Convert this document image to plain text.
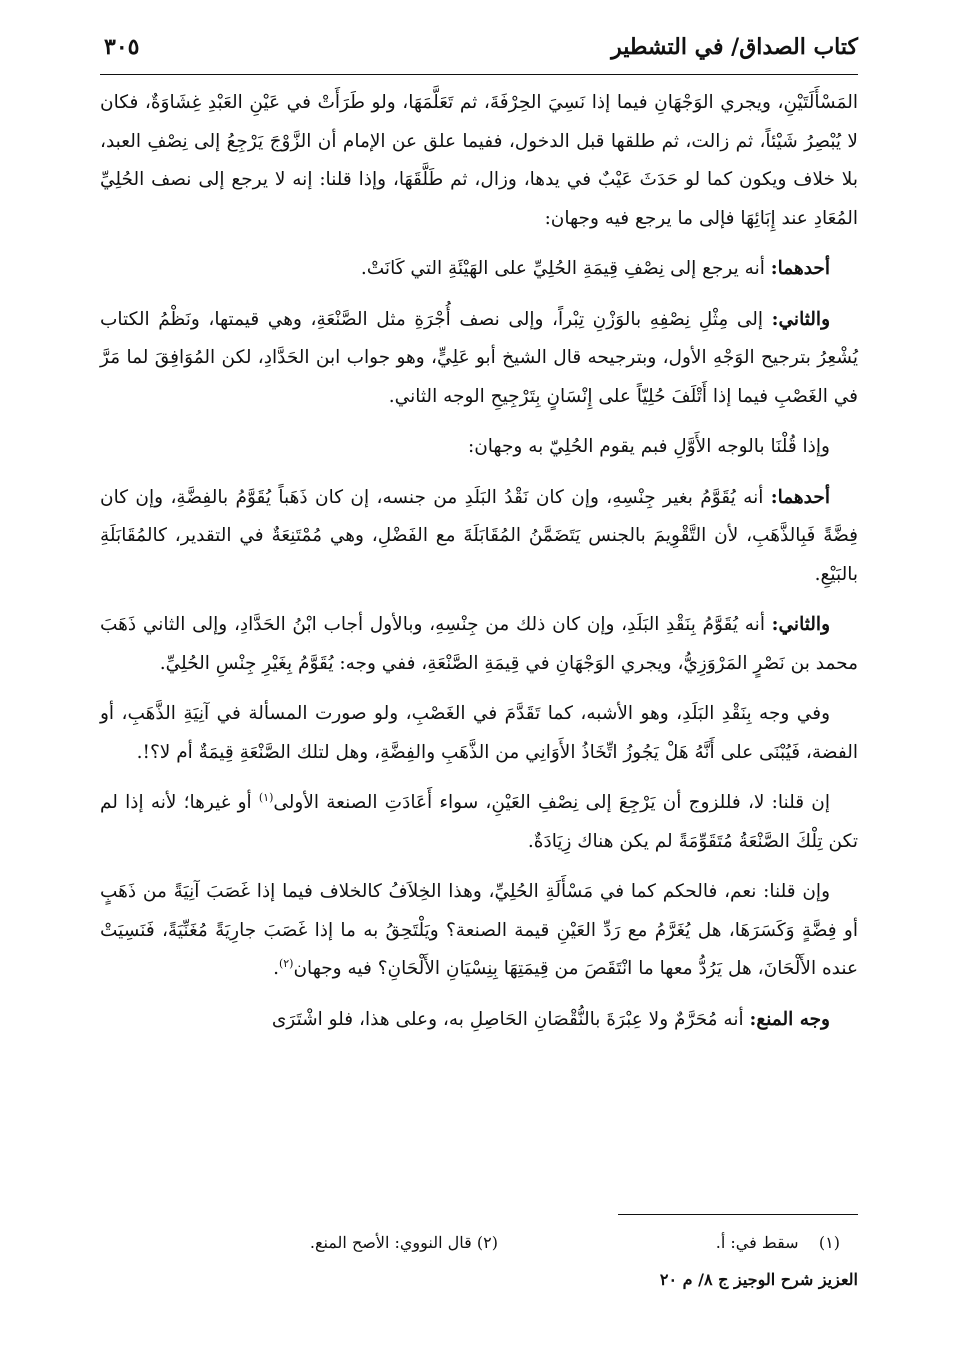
كتاب الصداق/ في التشطير
٣٠٥

المَسْأَلَتَيْنِ، ويجري الوَجْهَانِ فيما إذا نَسِيَ الحِرْفَةَ، ثم تَعَلَّمَهَا، ولو طَرَأَتْ في عَيْنِ العَبْدِ غِشَاوَةٌ، فكان لا يُبْصِرُ شَيْئاً، ثم زالت، ثم طلقها قبل الدخول، ففيما علق عن الإمام أن الزَّوْجَ يَرْجِعُ إلى نِصْفِ العبد، بلا خلاف ويكون كما لو حَدَثَ عَيْبٌ في يدها، وزال، ثم طَلَّقَهَا، وإذا قلنا: إنه لا يرجع إلى نصف الحُلِيِّ المُعَادِ عند إِبَائِهَا فإلى ما يرجع فيه وجهان:

أحدهما: أنه يرجع إلى نِصْفِ قِيمَةِ الحُلِيِّ على الهَيْئَةِ التي كَانَتْ.

والثاني: إلى مِثْلِ نِصْفِهِ بالوَزْنِ تِبْراً، وإلى نصف أُجْرَةِ مثل الصَّنْعَةِ، وهي قيمتها، ونَظْمُ الكتاب يُشْعِرُ بترجيح الوَجْهِ الأول، وبترجيحه قال الشيخ أبو عَلِيٍّ، وهو جواب ابن الحَدَّادِ، لكن المُوَافِقَ لما مَرَّ في الغَصْبِ فيما إذا أَتْلَفَ حُلِيّاً على إِنْسَانٍ بِتَرْجِيحِ الوجه الثاني.

وإذا قُلْنَا بالوجه الأَوَّلِ فبم يقوم الحُلِيّ به وجهان:

أحدهما: أنه يُقَوَّمُ بغير جِنْسِهِ، وإن كان نَقْدُ البَلَدِ من جنسه، إن كان ذَهَباً يُقَوَّمُ بالفِضَّةِ، وإن كان فِضَّةً فَبِالذَّهَبِ، لأن التَّقْوِيمَ بالجنس يَتَضَمَّنُ المُقَابَلَةَ مع الفَضْلِ، وهي مُمْتَنِعَةٌ في التقدير، كالمُقَابَلَةِ بالبَيْعِ.

والثاني: أنه يُقَوَّمُ بِنَقْدِ البَلَدِ، وإن كان ذلك من جِنْسِهِ، وبالأول أجاب ابْنُ الحَدَّادِ، وإلى الثاني ذَهَبَ محمد بن نَصْرٍ المَرْوَزِيُّ، ويجري الوَجْهَانِ في قِيمَةِ الصَّنْعَةِ، ففي وجه: يُقَوَّمُ بِغَيْرِ جِنْسِ الحُلِيِّ.

وفي وجه بِنَقْدِ البَلَدِ، وهو الأشبه، كما تَقَدَّمَ في الغَصْبِ، ولو صورت المسألة في آنِيَةِ الذَّهَبِ، أو الفضة، فَيُبْنَى على أَنَّهُ هَلْ يَجُوزُ اتِّخَاذُ الأَوَانِي من الذَّهَبِ والفِضَّةِ، وهل لتلك الصَّنْعَةِ قِيمَةٌ أم لا؟!.

إن قلنا: لا، فللزوج أن يَرْجِعَ إلى نِصْفِ العَيْنِ، سواء أَعَادَتِ الصنعة الأولى$^{(١)}$ أو غيرها؛ لأنه إذا لم تكن تِلْكَ الصَّنْعَةُ مُتَقَوِّمَةً لم يكن هناك زِيَادَةٌ.

وإن قلنا: نعم، فالحكم كما في مَسْأَلَةِ الحُلِيِّ، وهذا الخِلاَفُ كالخلاف فيما إذا غَصَبَ آنِيَةً من ذَهَبٍ أو فِضَّةٍ وَكَسَرَهَا، هل يُغَرَّمُ مع رَدِّ العَيْنِ قيمة الصنعة؟ ويَلْتَحِقُ به ما إذا غَصَبَ جارِيَةً مُغَنِّيَةً، فَنَسِيَتْ عنده الأَلْحَانَ، هل يَرُدُّ معها ما انْتَقَصَ من قِيمَتِهَا بِنِسْيَانِ الأَلْحَانِ؟ فيه وجهان$^{(٢)}$.

وجه المنع: أنه مُحَرَّمٌ ولا عِبْرَةَ بالنُّقْصَانِ الحَاصِلِ به، وعلى هذا، فلو اشْتَرَى

(١)    سقط في: أ.
(٢) قال النووي: الأصح المنع.
العزيز شرح الوجيز ج ٨/ م ٢٠
